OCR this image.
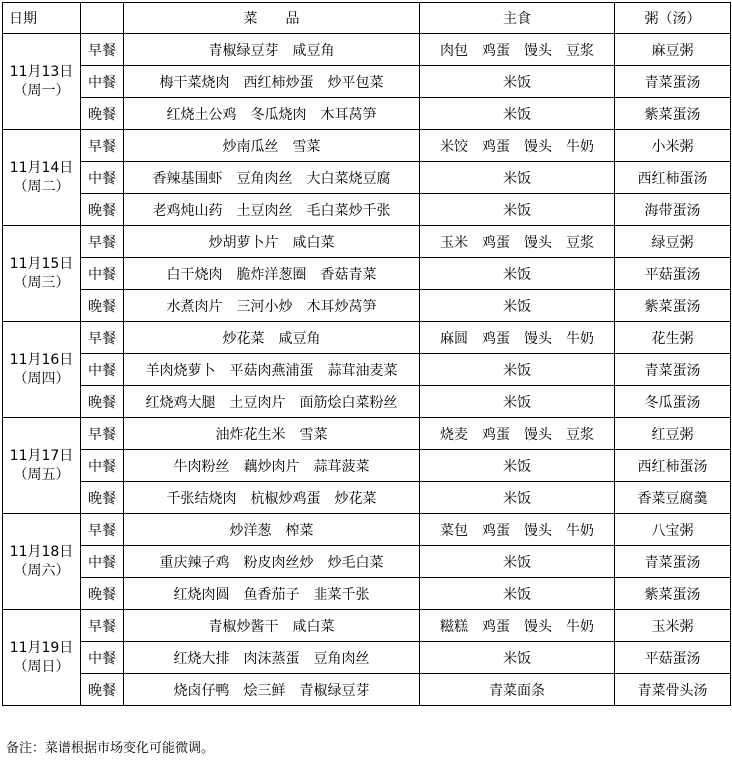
日期		菜　　品	主食	粥（汤）

11月13日
（周一）	早餐	青椒绿豆芽　咸豆角	肉包　鸡蛋　馒头　豆浆	麻豆粥
	中餐	梅干菜烧肉　西红柿炒蛋　炒平包菜	米饭	青菜蛋汤
	晚餐	红烧土公鸡　冬瓜烧肉　木耳莴笋	米饭	紫菜蛋汤

11月14日
（周二）	早餐	炒南瓜丝　雪菜	米饺　鸡蛋　馒头　牛奶	小米粥
	中餐	香辣基围虾　豆角肉丝　大白菜烧豆腐	米饭	西红柿蛋汤
	晚餐	老鸡炖山药　土豆肉丝　毛白菜炒千张	米饭	海带蛋汤

11月15日
（周三）	早餐	炒胡萝卜片　咸白菜	玉米　鸡蛋　馒头　豆浆	绿豆粥
	中餐	白干烧肉　脆炸洋葱圈　香菇青菜	米饭	平菇蛋汤
	晚餐	水煮肉片　三河小炒　木耳炒莴笋	米饭	紫菜蛋汤

11月16日
（周四）	早餐	炒花菜　咸豆角	麻圆　鸡蛋　馒头　牛奶	花生粥
	中餐	羊肉烧萝卜　平菇肉燕浦蛋　蒜茸油麦菜	米饭	青菜蛋汤
	晚餐	红烧鸡大腿　土豆肉片　面筋烩白菜粉丝	米饭	冬瓜蛋汤

11月17日
（周五）	早餐	油炸花生米　雪菜	烧麦　鸡蛋　馒头　豆浆	红豆粥
	中餐	牛肉粉丝　藕炒肉片　蒜茸菠菜	米饭	西红柿蛋汤
	晚餐	千张结烧肉　杭椒炒鸡蛋　炒花菜	米饭	香菜豆腐羹

11月18日
（周六）	早餐	炒洋葱　榨菜	菜包　鸡蛋　馒头　牛奶	八宝粥
	中餐	重庆辣子鸡　粉皮肉丝炒　炒毛白菜	米饭	青菜蛋汤
	晚餐	红烧肉圆　鱼香茄子　韭菜千张	米饭	紫菜蛋汤

11月19日
（周日）	早餐	青椒炒酱干　咸白菜	糍糕　鸡蛋　馒头　牛奶	玉米粥
	中餐	红烧大排　肉沫蒸蛋　豆角肉丝	米饭	平菇蛋汤
	晚餐	烧卤仔鸭　烩三鲜　青椒绿豆芽	青菜面条	青菜骨头汤
备注：菜谱根据市场变化可能微调。
